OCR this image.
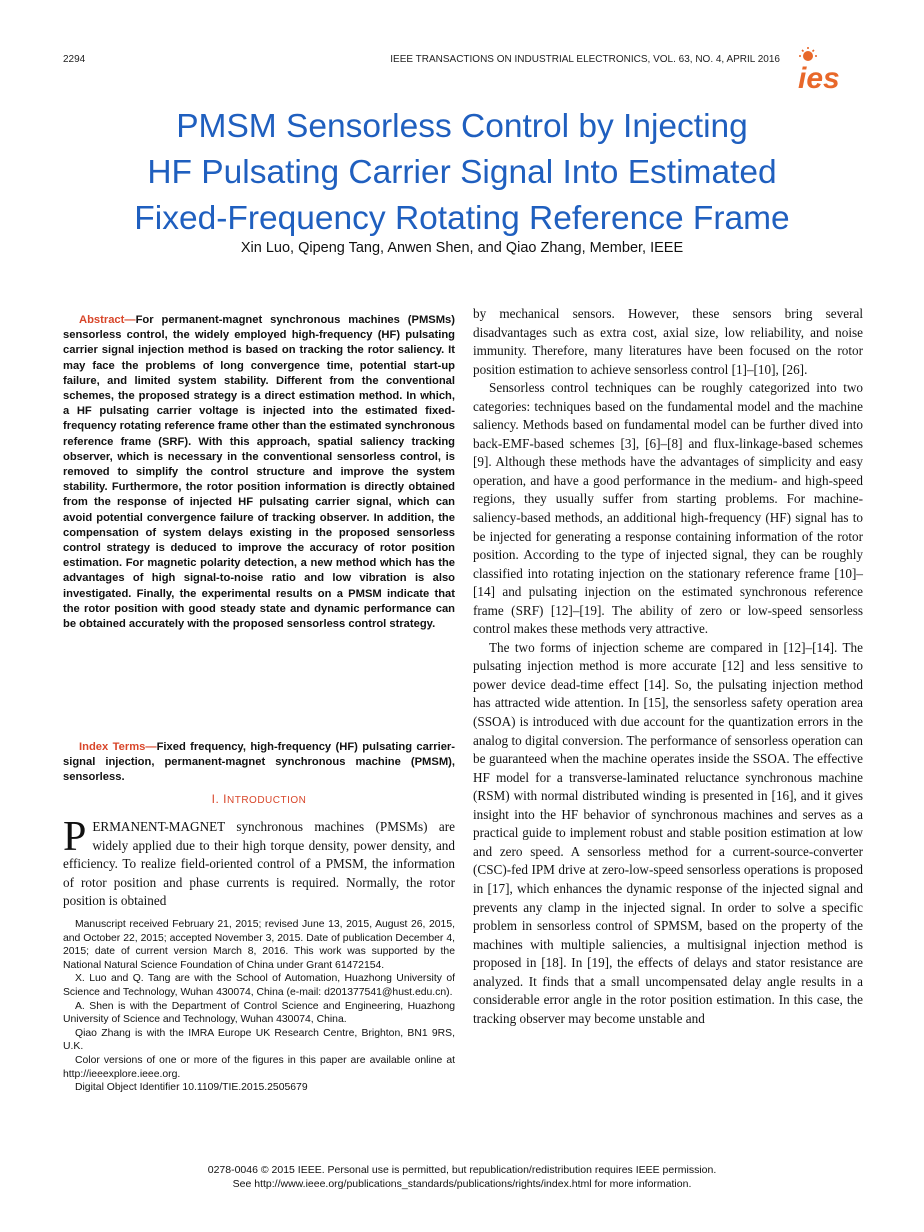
2294	IEEE TRANSACTIONS ON INDUSTRIAL ELECTRONICS, VOL. 63, NO. 4, APRIL 2016
ies
PMSM Sensorless Control by Injecting
HF Pulsating Carrier Signal Into Estimated
Fixed-Frequency Rotating Reference Frame
Xin Luo, Qipeng Tang, Anwen Shen, and Qiao Zhang, Member, IEEE

Abstract—For permanent-magnet synchronous machines (PMSMs) sensorless control, the widely employed high-frequency (HF) pulsating carrier signal injection method is based on tracking the rotor saliency. It may face the problems of long convergence time, potential start-up failure, and limited system stability. Different from the conventional schemes, the proposed strategy is a direct estimation method. In which, a HF pulsating carrier voltage is injected into the estimated fixed-frequency rotating reference frame other than the estimated synchronous reference frame (SRF). With this approach, spatial saliency tracking observer, which is necessary in the conventional sensorless control, is removed to simplify the control structure and improve the system stability. Furthermore, the rotor position information is directly obtained from the response of injected HF pulsating carrier signal, which can avoid potential convergence failure of tracking observer. In addition, the compensation of system delays existing in the proposed sensorless control strategy is deduced to improve the accuracy of rotor position estimation. For magnetic polarity detection, a new method which has the advantages of high signal-to-noise ratio and low vibration is also investigated. Finally, the experimental results on a PMSM indicate that the rotor position with good steady state and dynamic performance can be obtained accurately with the proposed sensorless control strategy.

Index Terms—Fixed frequency, high-frequency (HF) pulsating carrier-signal injection, permanent-magnet synchronous machine (PMSM), sensorless.

I. INTRODUCTION

PERMANENT-MAGNET synchronous machines (PMSMs) are widely applied due to their high torque density, power density, and efficiency. To realize field-oriented control of a PMSM, the information of rotor position and phase currents is required. Normally, the rotor position is obtained

Manuscript received February 21, 2015; revised June 13, 2015, August 26, 2015, and October 22, 2015; accepted November 3, 2015. Date of publication December 4, 2015; date of current version March 8, 2016. This work was supported by the National Natural Science Foundation of China under Grant 61472154.

X. Luo and Q. Tang are with the School of Automation, Huazhong University of Science and Technology, Wuhan 430074, China (e-mail: d201377541@hust.edu.cn).

A. Shen is with the Department of Control Science and Engineering, Huazhong University of Science and Technology, Wuhan 430074, China.

Qiao Zhang is with the IMRA Europe UK Research Centre, Brighton, BN1 9RS, U.K.

Color versions of one or more of the figures in this paper are available online at http://ieeexplore.ieee.org.

Digital Object Identifier 10.1109/TIE.2015.2505679

by mechanical sensors. However, these sensors bring several disadvantages such as extra cost, axial size, low reliability, and noise immunity. Therefore, many literatures have been focused on the rotor position estimation to achieve sensorless control [1]–[10], [26].

Sensorless control techniques can be roughly categorized into two categories: techniques based on the fundamental model and the machine saliency. Methods based on fundamental model can be further dived into back-EMF-based schemes [3], [6]–[8] and flux-linkage-based schemes [9]. Although these methods have the advantages of simplicity and easy operation, and have a good performance in the medium- and high-speed regions, they usually suffer from starting problems. For machine-saliency-based methods, an additional high-frequency (HF) signal has to be injected for generating a response containing information of the rotor position. According to the type of injected signal, they can be roughly classified into rotating injection on the stationary reference frame [10]–[14] and pulsating injection on the estimated synchronous reference frame (SRF) [12]–[19]. The ability of zero or low-speed sensorless control makes these methods very attractive.

The two forms of injection scheme are compared in [12]–[14]. The pulsating injection method is more accurate [12] and less sensitive to power device dead-time effect [14]. So, the pulsating injection method has attracted wide attention. In [15], the sensorless safety operation area (SSOA) is introduced with due account for the quantization errors in the analog to digital conversion. The performance of sensorless operation can be guaranteed when the machine operates inside the SSOA. The effective HF model for a transverse-laminated reluctance synchronous machine (RSM) with normal distributed winding is presented in [16], and it gives insight into the HF behavior of synchronous machines and serves as a practical guide to implement robust and stable position estimation at low and zero speed. A sensorless method for a current-source-converter (CSC)-fed IPM drive at zero-low-speed sensorless operations is proposed in [17], which enhances the dynamic response of the injected signal and prevents any clamp in the injected signal. In order to solve a specific problem in sensorless control of SPMSM, based on the property of the machines with multiple saliencies, a multisignal injection method is proposed in [18]. In [19], the effects of delays and stator resistance are analyzed. It finds that a small uncompensated delay angle results in a considerable error angle in the rotor position estimation. In this case, the tracking observer may become unstable and

0278-0046 © 2015 IEEE. Personal use is permitted, but republication/redistribution requires IEEE permission.
See http://www.ieee.org/publications_standards/publications/rights/index.html for more information.
